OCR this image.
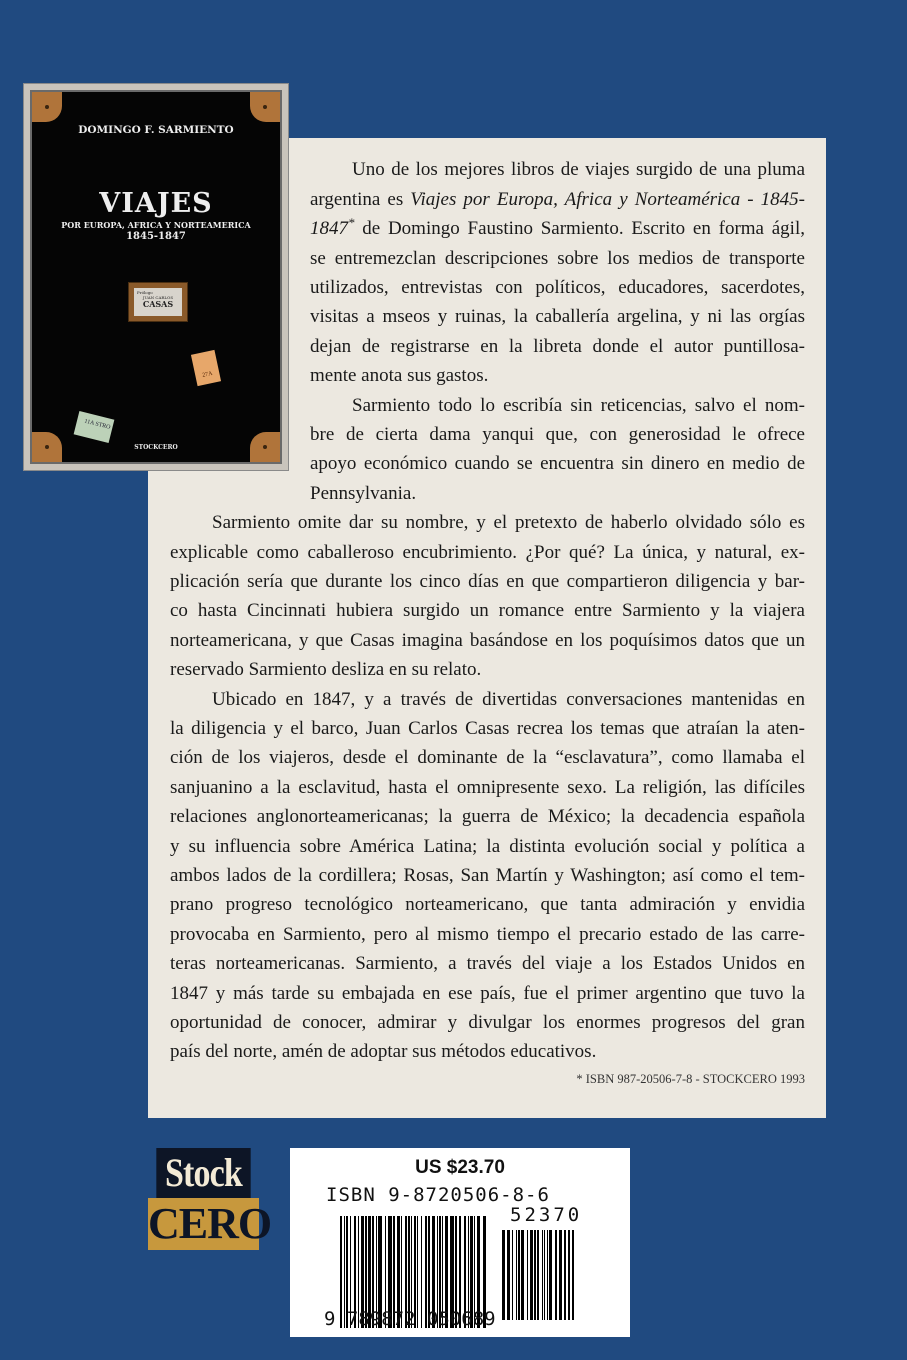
Uno de los mejores libros de viajes surgido de una pluma
argentina es Viajes por Europa, Africa y Norteamérica - 1845-
1847* de Domingo Faustino Sarmiento. Escrito en forma ágil,
se entremezclan descripciones sobre los medios de transporte
utilizados, entrevistas con políticos, educadores, sacerdotes,
visitas a mseos y ruinas, la caballería argelina, y ni las orgías
dejan de registrarse en la libreta donde el autor puntillosa-
mente anota sus gastos.
Sarmiento todo lo escribía sin reticencias, salvo el nom-
bre de cierta dama yanqui que, con generosidad le ofrece
apoyo económico cuando se encuentra sin dinero en medio de
Pennsylvania.
Sarmiento omite dar su nombre, y el pretexto de haberlo olvidado sólo es
explicable como caballeroso encubrimiento. ¿Por qué? La única, y natural, ex-
plicación sería que durante los cinco días en que compartieron diligencia y bar-
co hasta Cincinnati hubiera surgido un romance entre Sarmiento y la viajera
norteamericana, y que Casas imagina basándose en los poquísimos datos que un
reservado Sarmiento desliza en su relato.
Ubicado en 1847, y a través de divertidas conversaciones mantenidas en
la diligencia y el barco, Juan Carlos Casas recrea los temas que atraían la aten-
ción de los viajeros, desde el dominante de la “esclavatura”, como llamaba el
sanjuanino a la esclavitud, hasta el omnipresente sexo. La religión, las difíciles
relaciones anglonorteamericanas; la guerra de México; la decadencia española
y su influencia sobre América Latina; la distinta evolución social y política a
ambos lados de la cordillera; Rosas, San Martín y Washington; así como el tem-
prano progreso tecnológico norteamericano, que tanta admiración y envidia
provocaba en Sarmiento, pero al mismo tiempo el precario estado de las carre-
teras norteamericanas. Sarmiento, a través del viaje a los Estados Unidos en
1847 y más tarde su embajada en ese país, fue el primer argentino que tuvo la
oportunidad de conocer, admirar y divulgar los enormes progresos del gran
país del norte, amén de adoptar sus métodos educativos.
* ISBN 987-20506-7-8 - STOCKCERO 1993
DOMINGO F. SARMIENTO
VIAJES
POR EUROPA, AFRICA Y NORTEAMERICA
1845-1847
Prólogo
JUAN CARLOS
CASAS
27A
11A STRO
STOCKCERO
Stock
CERO
US $23.70
ISBN 9-8720506-8-6
52370
9 789872 050689
